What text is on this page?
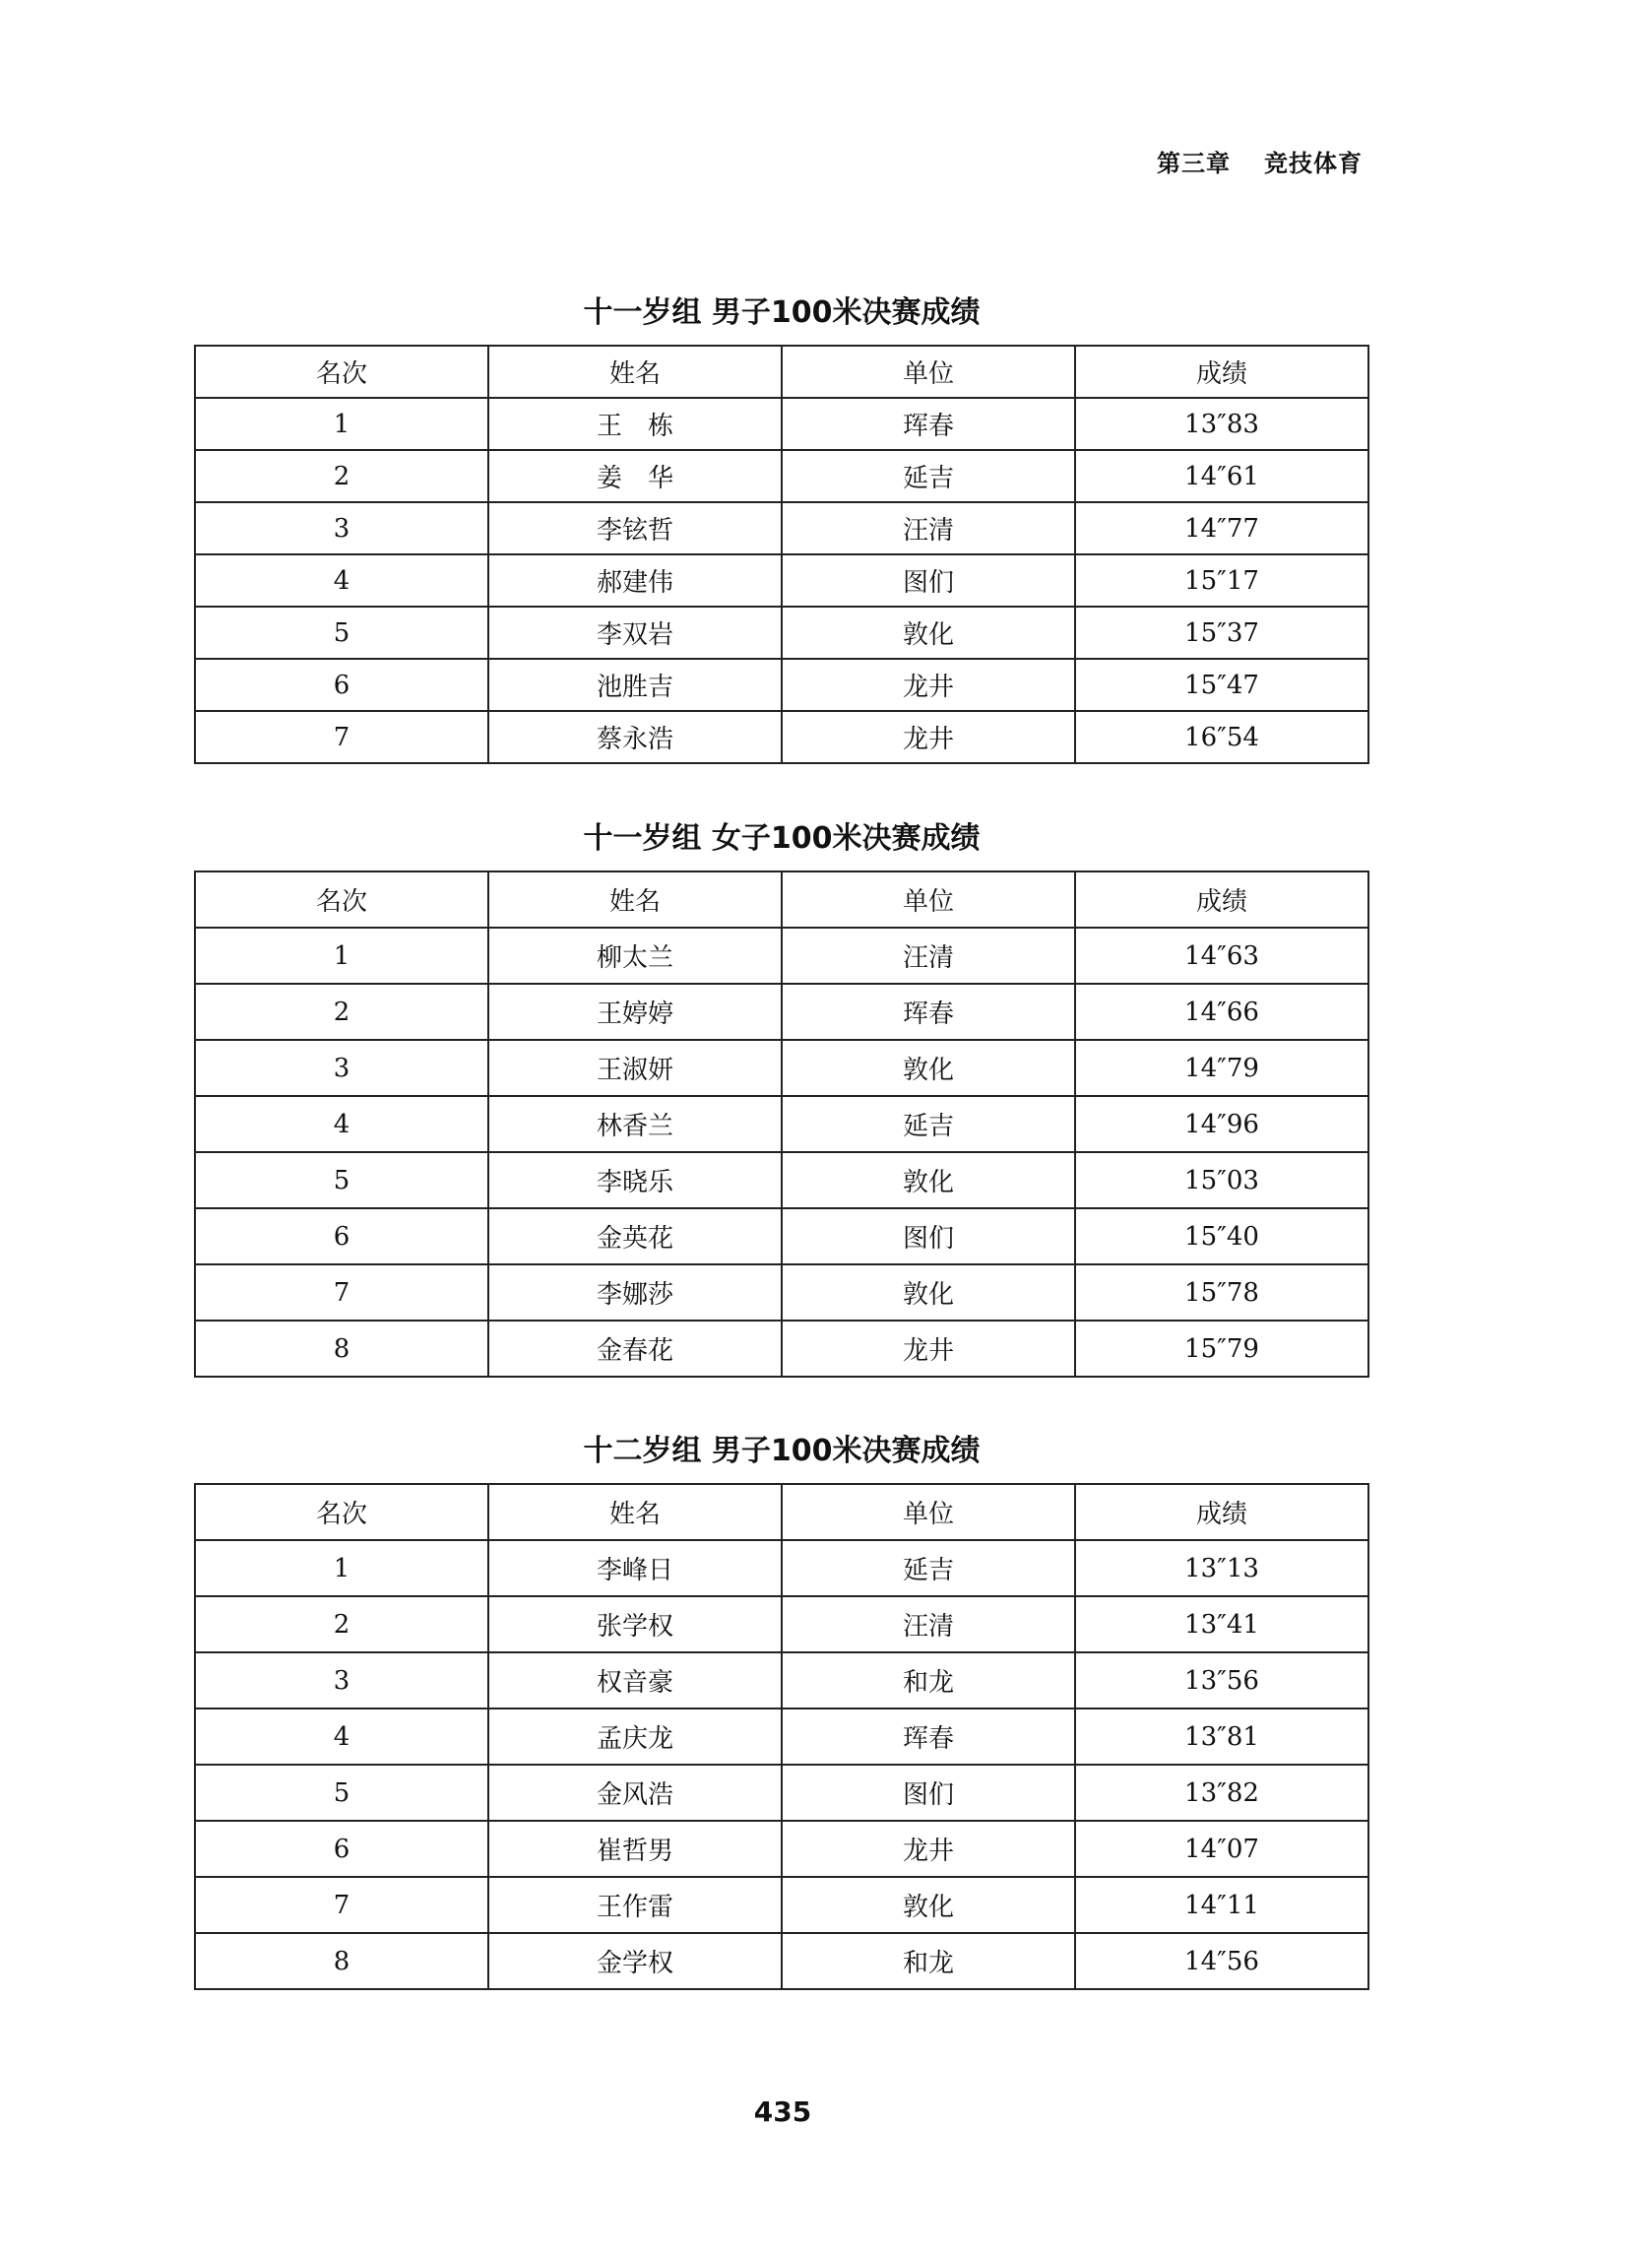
第三章 竞技体育
十一岁组 男子100米决赛成绩
名次	姓名	单位	成绩
1	王　栋	珲春	13″83
2	姜　华	延吉	14″61
3	李铉哲	汪清	14″77
4	郝建伟	图们	15″17
5	李双岩	敦化	15″37
6	池胜吉	龙井	15″47
7	蔡永浩	龙井	16″54
十一岁组 女子100米决赛成绩
名次	姓名	单位	成绩
1	柳太兰	汪清	14″63
2	王婷婷	珲春	14″66
3	王淑妍	敦化	14″79
4	林香兰	延吉	14″96
5	李晓乐	敦化	15″03
6	金英花	图们	15″40
7	李娜莎	敦化	15″78
8	金春花	龙井	15″79
十二岁组 男子100米决赛成绩
名次	姓名	单位	成绩
1	李峰日	延吉	13″13
2	张学权	汪清	13″41
3	权音豪	和龙	13″56
4	孟庆龙	珲春	13″81
5	金风浩	图们	13″82
6	崔哲男	龙井	14″07
7	王作雷	敦化	14″11
8	金学权	和龙	14″56
435
